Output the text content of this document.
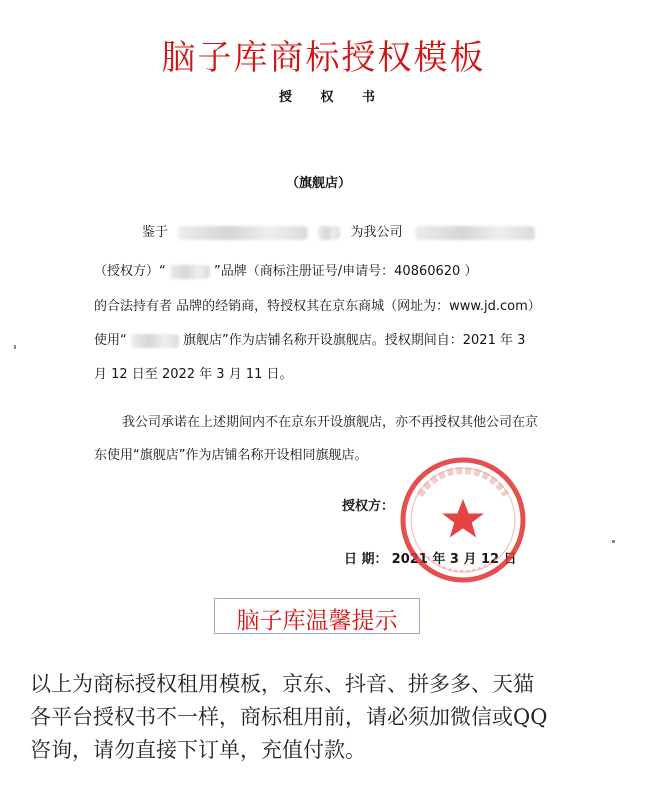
脑子库商标授权模板
授 权 书
（旗舰店）
鉴于	为我公司
（授权方）“	”品牌（商标注册证号/申请号：40860620 ）
的合法持有者 品牌的经销商，特授权其在京东商城（网址为：www.jd.com）
使用“	旗舰店”作为店铺名称开设旗舰店。授权期间自：2021 年 3
月 12 日至 2022 年 3 月 11 日。
我公司承诺在上述期间内不在京东开设旗舰店，亦不再授权其他公司在京
东使用“旗舰店”作为店铺名称开设相同旗舰店。
授权方：
日 期： 2021 年 3 月 12 日
脑子库温馨提示
以上为商标授权租用模板，京东、抖音、拼多多、天猫
各平台授权书不一样，商标租用前，请必须加微信或QQ
咨询，请勿直接下订单，充值付款。
